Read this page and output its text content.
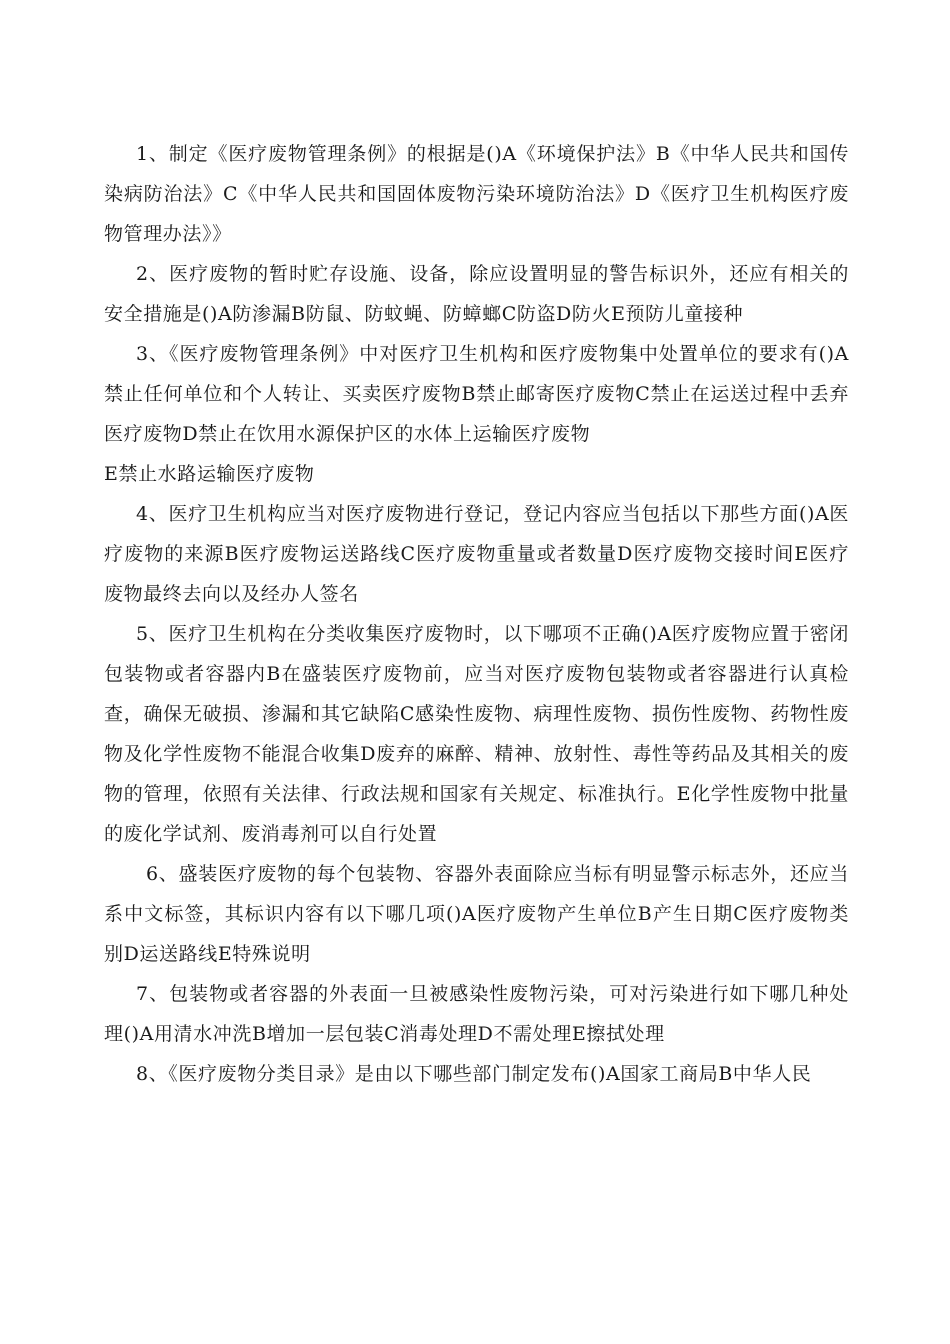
1、制定《医疗废物管理条例》的根据是()A《环境保护法》B《中华人民共和国传染病防治法》C《中华人民共和国固体废物污染环境防治法》D《医疗卫生机构医疗废物管理办法》》

2、医疗废物的暂时贮存设施、设备，除应设置明显的警告标识外，还应有相关的安全措施是()A防渗漏B防鼠、防蚊蝇、防蟑螂C防盗D防火E预防儿童接种

3、《医疗废物管理条例》中对医疗卫生机构和医疗废物集中处置单位的要求有()A禁止任何单位和个人转让、买卖医疗废物B禁止邮寄医疗废物C禁止在运送过程中丢弃医疗废物D禁止在饮用水源保护区的水体上运输医疗废物

E禁止水路运输医疗废物

4、医疗卫生机构应当对医疗废物进行登记，登记内容应当包括以下那些方面()A医疗废物的来源B医疗废物运送路线C医疗废物重量或者数量D医疗废物交接时间E医疗废物最终去向以及经办人签名

5、医疗卫生机构在分类收集医疗废物时，以下哪项不正确()A医疗废物应置于密闭包装物或者容器内B在盛装医疗废物前，应当对医疗废物包装物或者容器进行认真检查，确保无破损、渗漏和其它缺陷C感染性废物、病理性废物、损伤性废物、药物性废物及化学性废物不能混合收集D废弃的麻醉、精神、放射性、毒性等药品及其相关的废物的管理，依照有关法律、行政法规和国家有关规定、标准执行。E化学性废物中批量的废化学试剂、废消毒剂可以自行处置

6、盛装医疗废物的每个包装物、容器外表面除应当标有明显警示标志外，还应当系中文标签，其标识内容有以下哪几项()A医疗废物产生单位B产生日期C医疗废物类别D运送路线E特殊说明

7、包装物或者容器的外表面一旦被感染性废物污染，可对污染进行如下哪几种处理()A用清水冲洗B增加一层包装C消毒处理D不需处理E擦拭处理

8、《医疗废物分类目录》是由以下哪些部门制定发布()A国家工商局B中华人民
